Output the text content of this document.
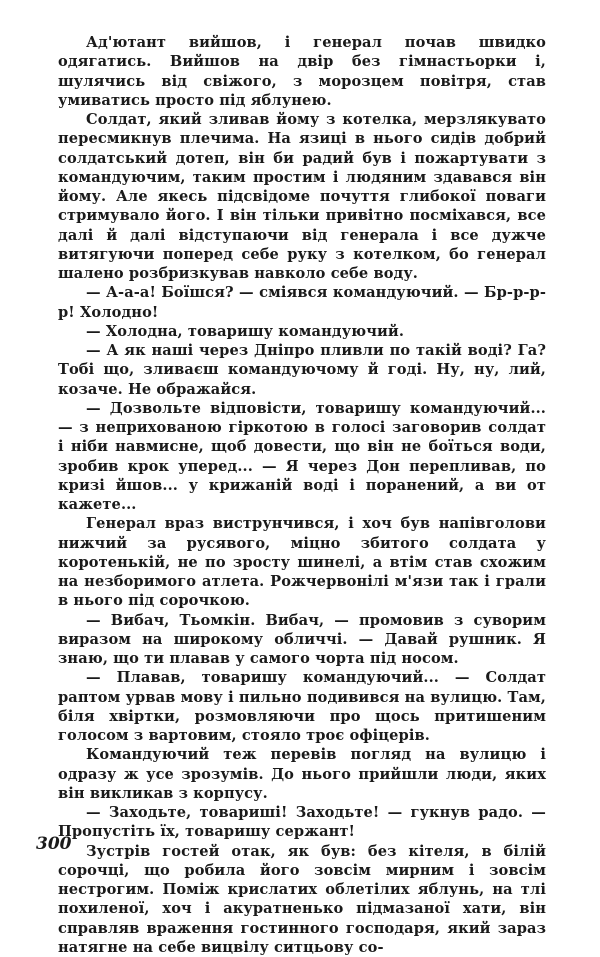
Ад'ютант вийшов, і генерал почав швидко одягатись. Вийшов на двір без гімнастьорки і, шулячись від свіжого, з морозцем повітря, став умиватись просто під яблунею.

Солдат, який зливав йому з котелка, мерзлякувато пересмикнув плечима. На язиці в нього сидів добрий солдатський дотеп, він би радий був і пожартувати з командуючим, таким простим і людяним здавався він йому. Але якесь підсвідоме почуття глибокої поваги стримувало його. І він тільки привітно посміхався, все далі й далі відступаючи від генерала і все дужче витягуючи поперед себе руку з котелком, бо генерал шалено розбризкував навколо себе воду.

— А-а-а! Боїшся? — сміявся командуючий. — Бр-р-р-р! Холодно!

— Холодна, товаришу командуючий.

— А як наші через Дніпро пливли по такій воді? Га? Тобі що, зливаєш командуючому й годі. Ну, ну, лий, козаче. Не ображайся.

— Дозвольте відповісти, товаришу командуючий... — з неприхованою гіркотою в голосі заговорив солдат і ніби навмисне, щоб довести, що він не боїться води, зробив крок уперед... — Я через Дон перепливав, по кризі йшов... у крижаній воді і поранений, а ви от кажете...

Генерал враз виструнчився, і хоч був напівголови нижчий за русявого, міцно збитого солдата у коротенькій, не по зросту шинелі, а втім став схожим на незборимого атлета. Рожчервонілі м'язи так і грали в нього під сорочкою.

— Вибач, Тьомкін. Вибач, — промовив з суворим виразом на широкому обличчі. — Давай рушник. Я знаю, що ти плавав у самого чорта під носом.

— Плавав, товаришу командуючий... — Солдат раптом урвав мову і пильно подивився на вулицю. Там, біля хвіртки, розмовляючи про щось притишеним голосом з вартовим, стояло троє офіцерів.

Командуючий теж перевів погляд на вулицю і одразу ж усе зрозумів. До нього прийшли люди, яких він викликав з корпусу.

— Заходьте, товариші! Заходьте! — гукнув радо. — Пропустіть їх, товаришу сержант!

Зустрів гостей отак, як був: без кітеля, в білій сорочці, що робила його зовсім мирним і зовсім нестрогим. Поміж крислатих облетілих яблунь, на тлі похиленої, хоч і акуратненько підмазаної хати, він справляв враження гостинного господаря, який зараз натягне на себе вицвілу ситцьову со-

300
